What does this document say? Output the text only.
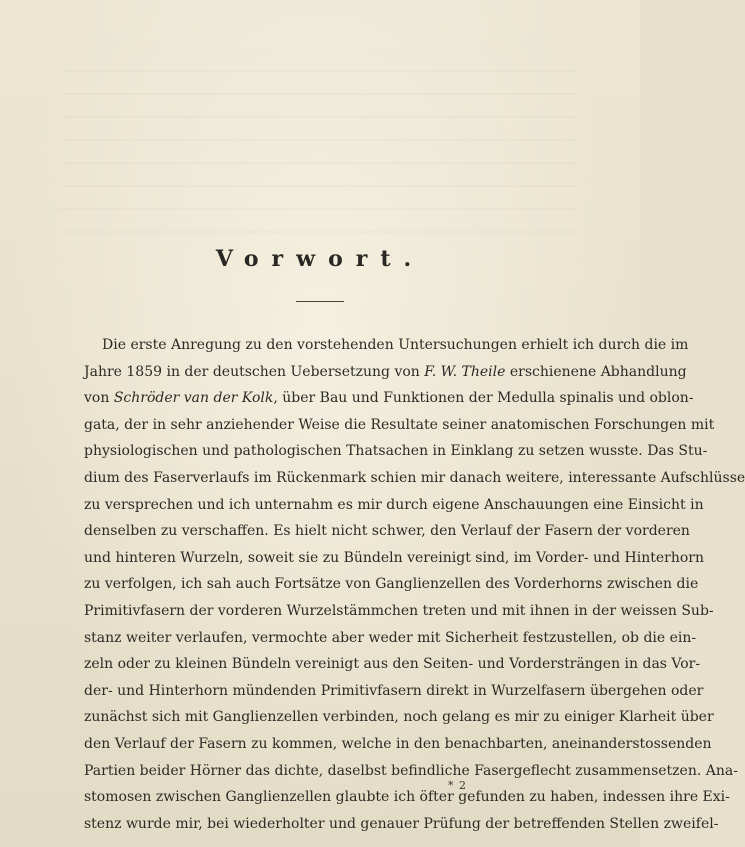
Vorwort.
Die erste Anregung zu den vorstehenden Untersuchungen erhielt ich durch die im
Jahre 1859 in der deutschen Uebersetzung von F. W. Theile erschienene Abhandlung
von Schröder van der Kolk, über Bau und Funktionen der Medulla spinalis und oblon-
gata, der in sehr anziehender Weise die Resultate seiner anatomischen Forschungen mit
physiologischen und pathologischen Thatsachen in Einklang zu setzen wusste. Das Stu-
dium des Faserverlaufs im Rückenmark schien mir danach weitere, interessante Aufschlüsse
zu versprechen und ich unternahm es mir durch eigene Anschauungen eine Einsicht in
denselben zu verschaffen. Es hielt nicht schwer, den Verlauf der Fasern der vorderen
und hinteren Wurzeln, soweit sie zu Bündeln vereinigt sind, im Vorder- und Hinterhorn
zu verfolgen, ich sah auch Fortsätze von Ganglienzellen des Vorderhorns zwischen die
Primitivfasern der vorderen Wurzelstämmchen treten und mit ihnen in der weissen Sub-
stanz weiter verlaufen, vermochte aber weder mit Sicherheit festzustellen, ob die ein-
zeln oder zu kleinen Bündeln vereinigt aus den Seiten- und Vordersträngen in das Vor-
der- und Hinterhorn mündenden Primitivfasern direkt in Wurzelfasern übergehen oder
zunächst sich mit Ganglienzellen verbinden, noch gelang es mir zu einiger Klarheit über
den Verlauf der Fasern zu kommen, welche in den benachbarten, aneinanderstossenden
Partien beider Hörner das dichte, daselbst befindliche Fasergeflecht zusammensetzen. Ana-
stomosen zwischen Ganglienzellen glaubte ich öfter gefunden zu haben, indessen ihre Exi-
stenz wurde mir, bei wiederholter und genauer Prüfung der betreffenden Stellen zweifel-
* 2
